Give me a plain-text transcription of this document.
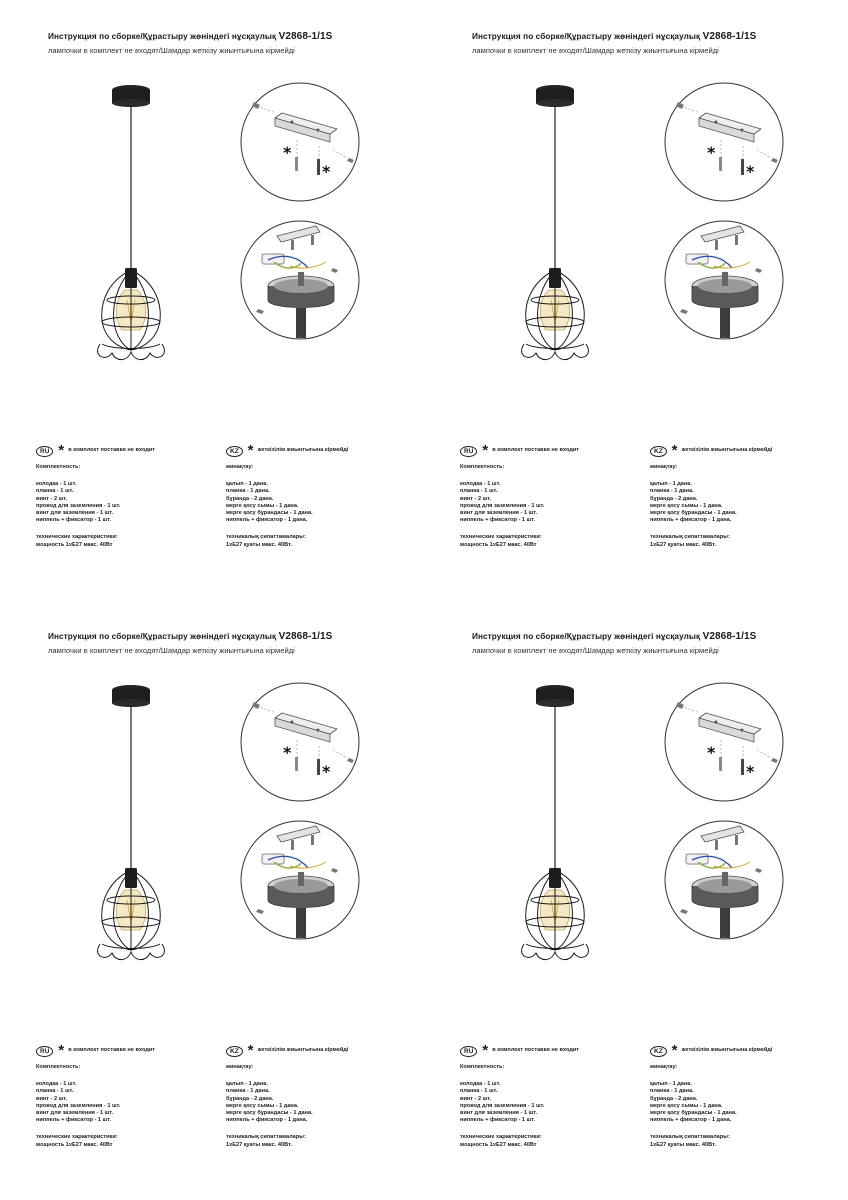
Инструкция по сборке/Құрастыру жөніндегі нұсқаулық V2868-1/1S
лампочки в комплект не входят/Шамдар жеткізу жиынтығына кірмейді
*
*
RU * в комплект поставки не входит
Комплектность:
колодка - 1 шт.
планка - 1 шт.
винт - 2 шт.
провод для заземления - 1 шт.
винт для заземления - 1 шт.
ниппель + фиксатор - 1 шт.
технические характеристики:
мощность 1xE27 макс. 40Вт
KZ * жеткізілім жиынтығына кірмейді
жинақтау:
қалып - 1 дана.
планка - 1 дана.
бұранда - 2 дана.
жерге қосу сымы - 1 дана.
жерге қосу бұрандасы - 1 дана.
ниппель + фиксатор - 1 дана.
техникалық сипаттамалары:
1xE27 қуаты макс. 40Вт.
Инструкция по сборке/Құрастыру жөніндегі нұсқаулық V2868-1/1S
лампочки в комплект не входят/Шамдар жеткізу жиынтығына кірмейді
*
*
RU * в комплект поставки не входит
Комплектность:
колодка - 1 шт.
планка - 1 шт.
винт - 2 шт.
провод для заземления - 1 шт.
винт для заземления - 1 шт.
ниппель + фиксатор - 1 шт.
технические характеристики:
мощность 1xE27 макс. 40Вт
KZ * жеткізілім жиынтығына кірмейді
жинақтау:
қалып - 1 дана.
планка - 1 дана.
бұранда - 2 дана.
жерге қосу сымы - 1 дана.
жерге қосу бұрандасы - 1 дана.
ниппель + фиксатор - 1 дана.
техникалық сипаттамалары:
1xE27 қуаты макс. 40Вт.
Инструкция по сборке/Құрастыру жөніндегі нұсқаулық V2868-1/1S
лампочки в комплект не входят/Шамдар жеткізу жиынтығына кірмейді
*
*
RU * в комплект поставки не входит
Комплектность:
колодка - 1 шт.
планка - 1 шт.
винт - 2 шт.
провод для заземления - 1 шт.
винт для заземления - 1 шт.
ниппель + фиксатор - 1 шт.
технические характеристики:
мощность 1xE27 макс. 40Вт
KZ * жеткізілім жиынтығына кірмейді
жинақтау:
қалып - 1 дана.
планка - 1 дана.
бұранда - 2 дана.
жерге қосу сымы - 1 дана.
жерге қосу бұрандасы - 1 дана.
ниппель + фиксатор - 1 дана.
техникалық сипаттамалары:
1xE27 қуаты макс. 40Вт.
Инструкция по сборке/Құрастыру жөніндегі нұсқаулық V2868-1/1S
лампочки в комплект не входят/Шамдар жеткізу жиынтығына кірмейді
*
*
RU * в комплект поставки не входит
Комплектность:
колодка - 1 шт.
планка - 1 шт.
винт - 2 шт.
провод для заземления - 1 шт.
винт для заземления - 1 шт.
ниппель + фиксатор - 1 шт.
технические характеристики:
мощность 1xE27 макс. 40Вт
KZ * жеткізілім жиынтығына кірмейді
жинақтау:
қалып - 1 дана.
планка - 1 дана.
бұранда - 2 дана.
жерге қосу сымы - 1 дана.
жерге қосу бұрандасы - 1 дана.
ниппель + фиксатор - 1 дана.
техникалық сипаттамалары:
1xE27 қуаты макс. 40Вт.
